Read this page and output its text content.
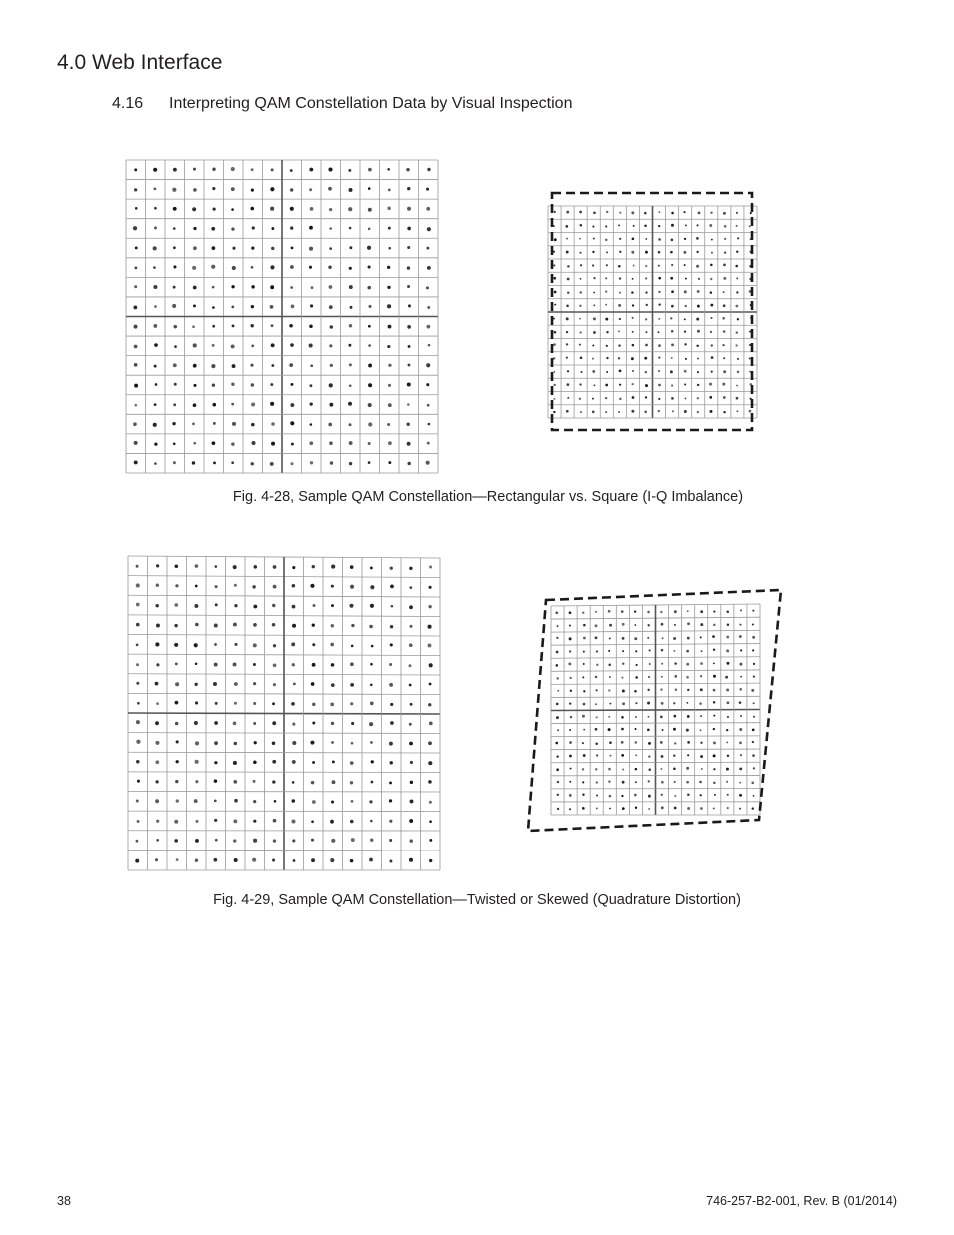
4.0 Web Interface
4.16 Interpreting QAM Constellation Data by Visual Inspection
Fig. 4-28, Sample QAM Constellation—Rectangular vs. Square (I-Q Imbalance)
Fig. 4-29, Sample QAM Constellation—Twisted or Skewed (Quadrature Distortion)
38	746-257-B2-001, Rev. B (01/2014)
